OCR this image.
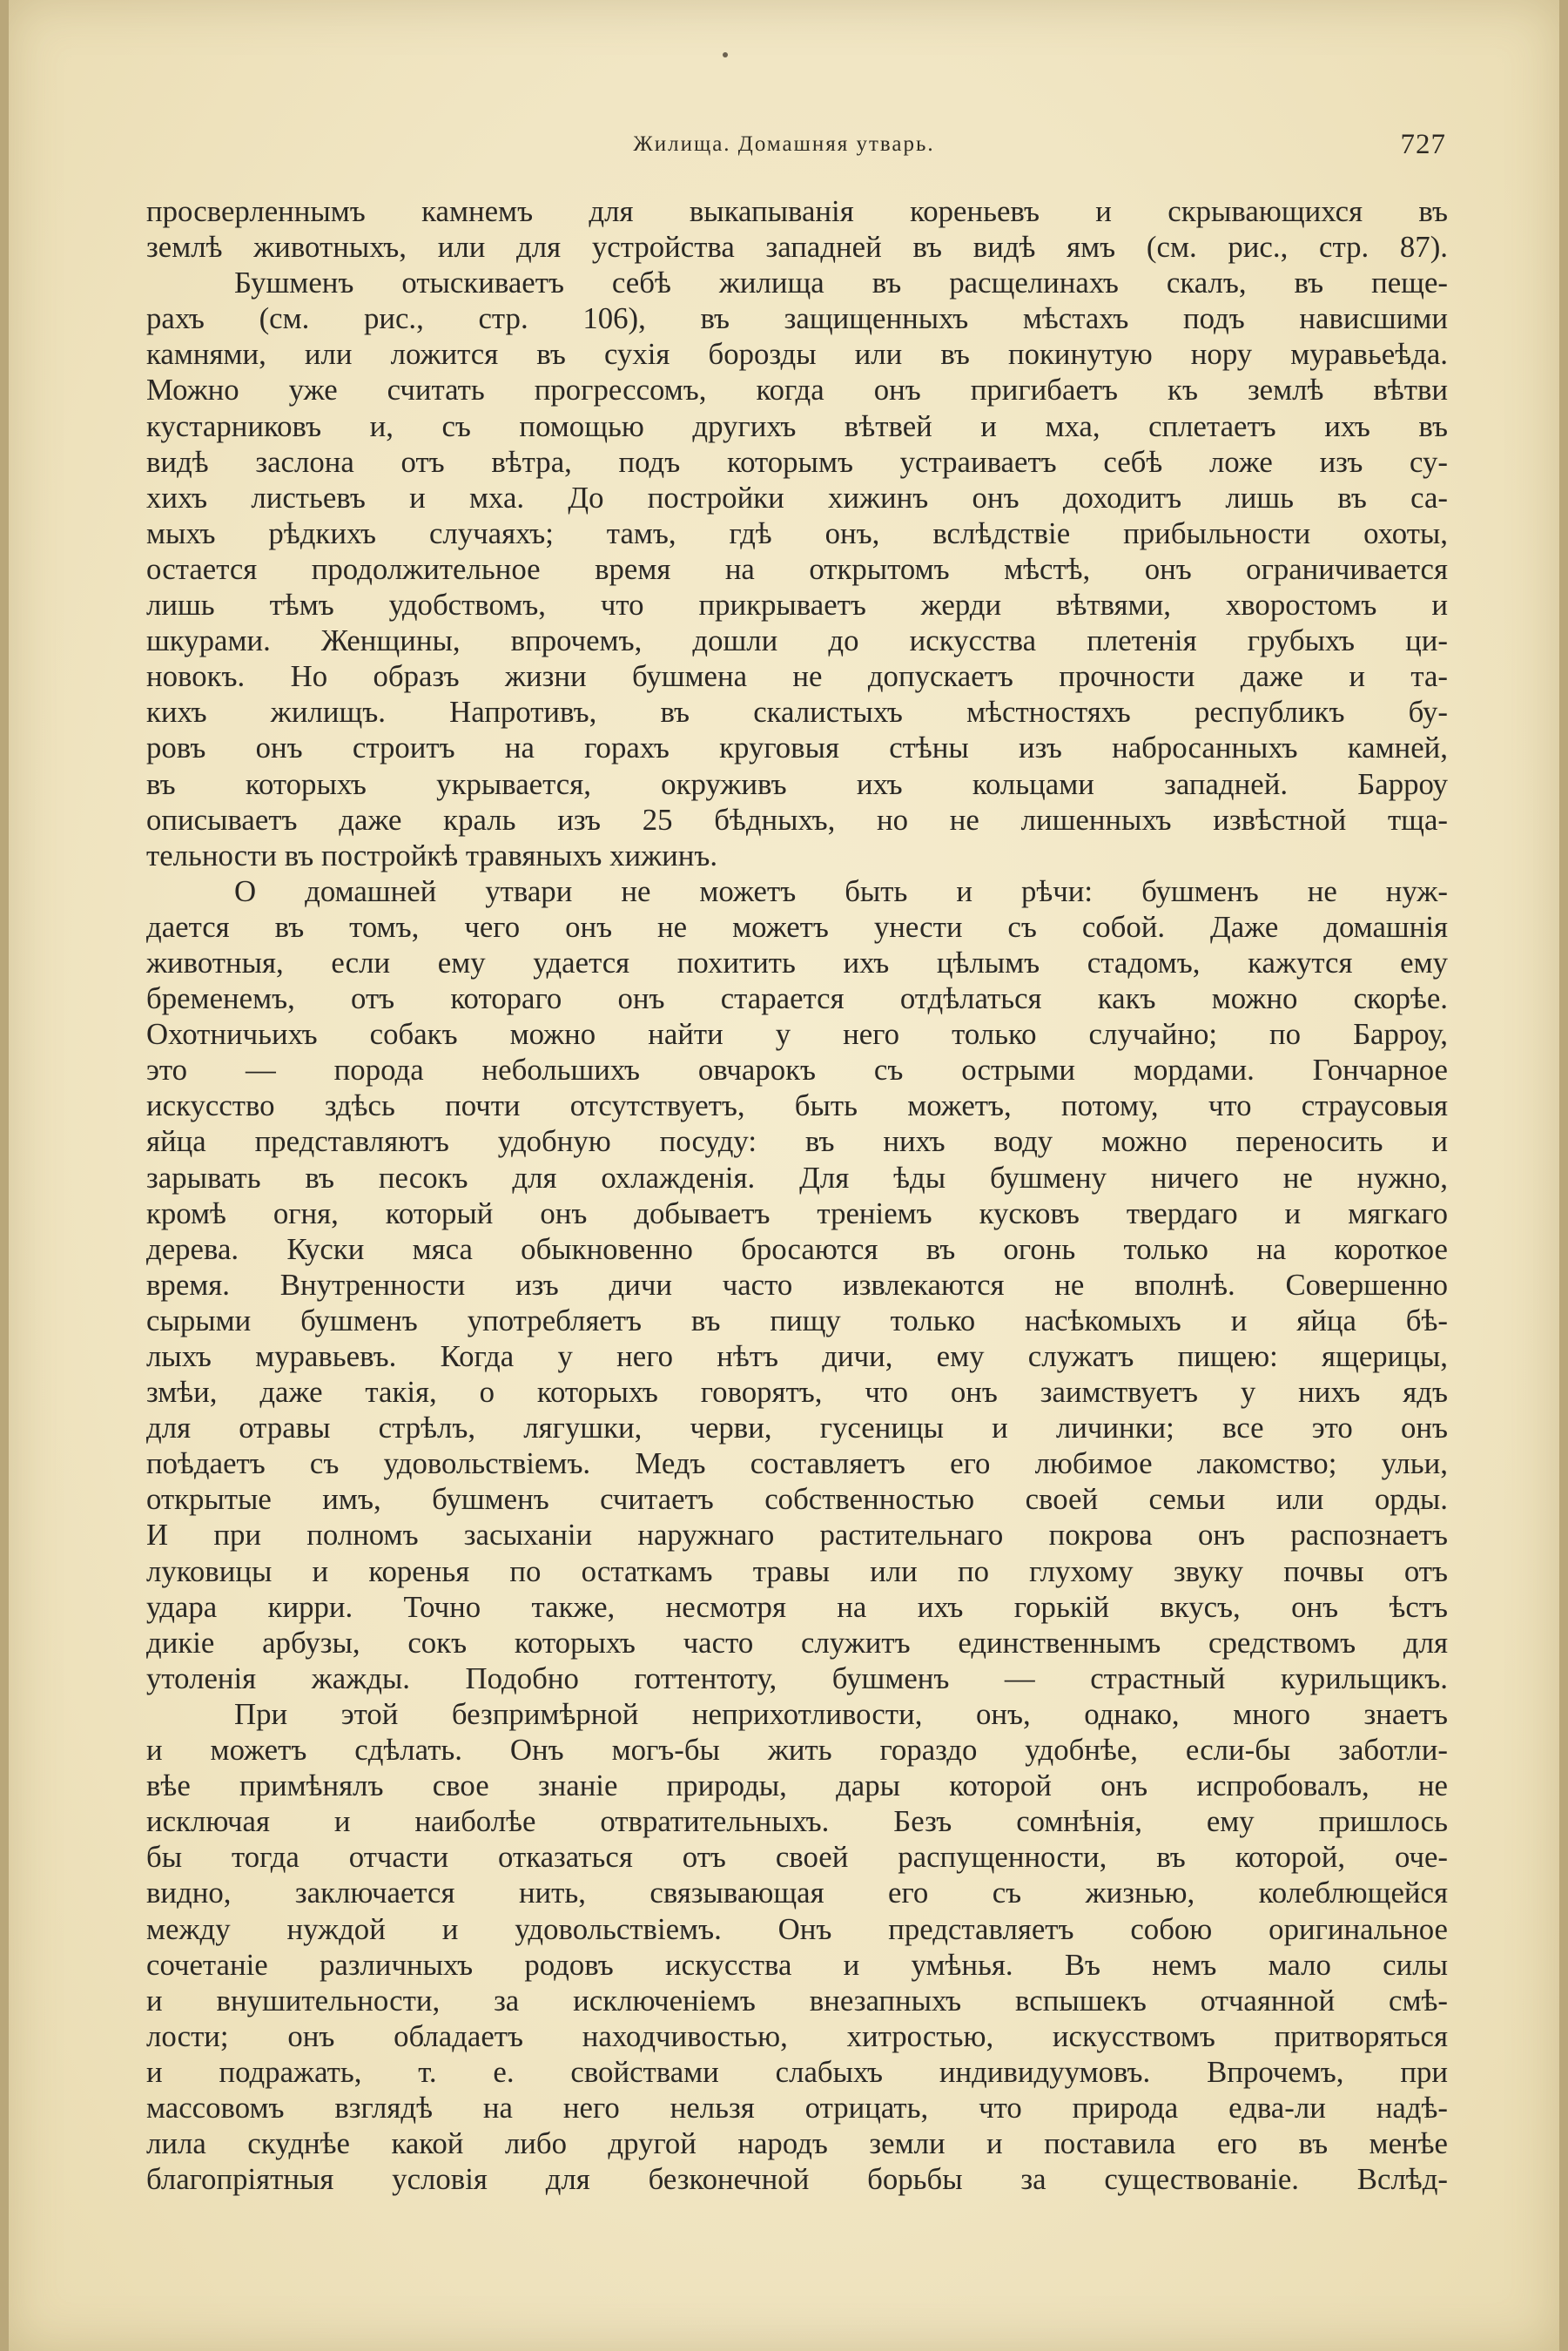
Жилища. Домашняя утварь.	727
просверленнымъ камнемъ для выкапыванія кореньевъ и скрывающихся въ
землѣ животныхъ, или для устройства западней въ видѣ ямъ (см. рис., стр. 87).
Бушменъ отыскиваетъ себѣ жилища въ расщелинахъ скалъ, въ пеще-
рахъ (см. рис., стр. 106), въ защищенныхъ мѣстахъ подъ нависшими
камнями, или ложится въ сухія борозды или въ покинутую нору муравьеѣда.
Можно уже считать прогрессомъ, когда онъ пригибаетъ къ землѣ вѣтви
кустарниковъ и, съ помощью другихъ вѣтвей и мха, сплетаетъ ихъ въ
видѣ заслона отъ вѣтра, подъ которымъ устраиваетъ себѣ ложе изъ су-
хихъ листьевъ и мха. До постройки хижинъ онъ доходитъ лишь въ са-
мыхъ рѣдкихъ случаяхъ; тамъ, гдѣ онъ, вслѣдствіе прибыльности охоты,
остается продолжительное время на открытомъ мѣстѣ, онъ ограничивается
лишь тѣмъ удобствомъ, что прикрываетъ жерди вѣтвями, хворостомъ и
шкурами. Женщины, впрочемъ, дошли до искусства плетенія грубыхъ ци-
новокъ. Но образъ жизни бушмена не допускаетъ прочности даже и та-
кихъ жилищъ. Напротивъ, въ скалистыхъ мѣстностяхъ республикъ бу-
ровъ онъ строитъ на горахъ круговыя стѣны изъ набросанныхъ камней,
въ которыхъ укрывается, окруживъ ихъ кольцами западней. Барроу
описываетъ даже краль изъ 25 бѣдныхъ, но не лишенныхъ извѣстной тща-
тельности въ постройкѣ травяныхъ хижинъ.
О домашней утвари не можетъ быть и рѣчи: бушменъ не нуж-
дается въ томъ, чего онъ не можетъ унести съ собой. Даже домашнія
животныя, если ему удается похитить ихъ цѣлымъ стадомъ, кажутся ему
бременемъ, отъ котораго онъ старается отдѣлаться какъ можно скорѣе.
Охотничьихъ собакъ можно найти у него только случайно; по Барроу,
это — порода небольшихъ овчарокъ съ острыми мордами. Гончарное
искусство здѣсь почти отсутствуетъ, быть можетъ, потому, что страусовыя
яйца представляютъ удобную посуду: въ нихъ воду можно переносить и
зарывать въ песокъ для охлажденія. Для ѣды бушмену ничего не нужно,
кромѣ огня, который онъ добываетъ треніемъ кусковъ твердаго и мягкаго
дерева. Куски мяса обыкновенно бросаются въ огонь только на короткое
время. Внутренности изъ дичи часто извлекаются не вполнѣ. Совершенно
сырыми бушменъ употребляетъ въ пищу только насѣкомыхъ и яйца бѣ-
лыхъ муравьевъ. Когда у него нѣтъ дичи, ему служатъ пищею: ящерицы,
змѣи, даже такія, о которыхъ говорятъ, что онъ заимствуетъ у нихъ ядъ
для отравы стрѣлъ, лягушки, черви, гусеницы и личинки; все это онъ
поѣдаетъ съ удовольствіемъ. Медъ составляетъ его любимое лакомство; ульи,
открытые имъ, бушменъ считаетъ собственностью своей семьи или орды.
И при полномъ засыханіи наружнаго растительнаго покрова онъ распознаетъ
луковицы и коренья по остаткамъ травы или по глухому звуку почвы отъ
удара кирри. Точно также, несмотря на ихъ горькій вкусъ, онъ ѣстъ
дикіе арбузы, сокъ которыхъ часто служитъ единственнымъ средствомъ для
утоленія жажды. Подобно готтентоту, бушменъ — страстный курильщикъ.
При этой безпримѣрной неприхотливости, онъ, однако, много знаетъ
и можетъ сдѣлать. Онъ могъ-бы жить гораздо удобнѣе, если-бы заботли-
вѣе примѣнялъ свое знаніе природы, дары которой онъ испробовалъ, не
исключая и наиболѣе отвратительныхъ. Безъ сомнѣнія, ему пришлось
бы тогда отчасти отказаться отъ своей распущенности, въ которой, оче-
видно, заключается нить, связывающая его съ жизнью, колеблющейся
между нуждой и удовольствіемъ. Онъ представляетъ собою оригинальное
сочетаніе различныхъ родовъ искусства и умѣнья. Въ немъ мало силы
и внушительности, за исключеніемъ внезапныхъ вспышекъ отчаянной смѣ-
лости; онъ обладаетъ находчивостью, хитростью, искусствомъ притворяться
и подражать, т. е. свойствами слабыхъ индивидуумовъ. Впрочемъ, при
массовомъ взглядѣ на него нельзя отрицать, что природа едва-ли надѣ-
лила скуднѣе какой либо другой народъ земли и поставила его въ менѣе
благопріятныя условія для безконечной борьбы за существованіе. Вслѣд-
